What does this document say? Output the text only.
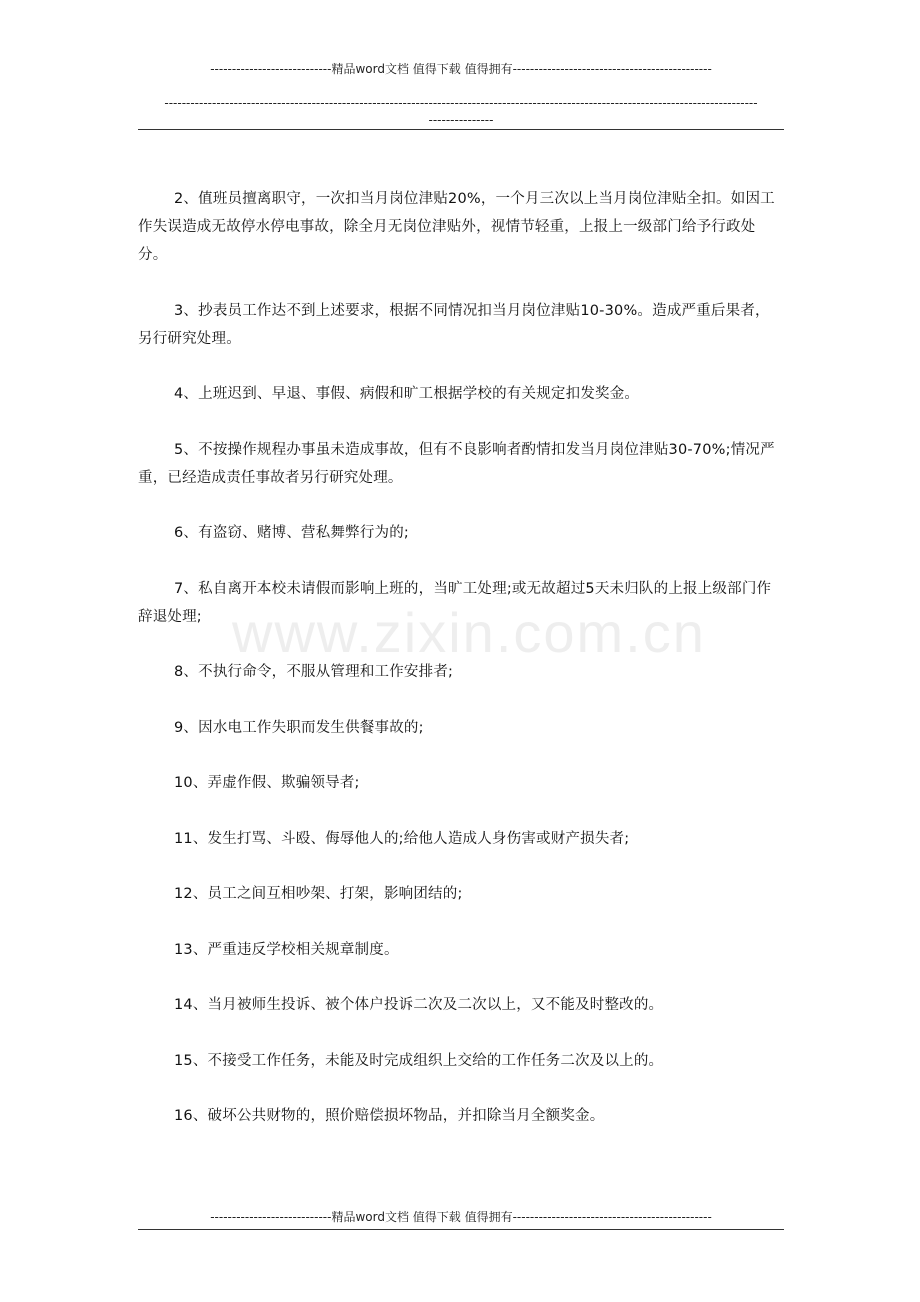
----------------------------精品word文档 值得下载 值得拥有----------------------------------------------
-----------------------------------------------------------------------------------------------------------------------------------------
---------------
www.zixin.com.cn

2、值班员擅离职守，一次扣当月岗位津贴20%，一个月三次以上当月岗位津贴全扣。如因工作失误造成无故停水停电事故，除全月无岗位津贴外，视情节轻重，上报上一级部门给予行政处分。

3、抄表员工作达不到上述要求，根据不同情况扣当月岗位津贴10-30%。造成严重后果者，另行研究处理。

4、上班迟到、早退、事假、病假和旷工根据学校的有关规定扣发奖金。

5、不按操作规程办事虽未造成事故，但有不良影响者酌情扣发当月岗位津贴30-70%;情况严重，已经造成责任事故者另行研究处理。

6、有盗窃、赌博、营私舞弊行为的;

7、私自离开本校未请假而影响上班的，当旷工处理;或无故超过5天未归队的上报上级部门作辞退处理;

8、不执行命令，不服从管理和工作安排者;

9、因水电工作失职而发生供餐事故的;

10、弄虚作假、欺骗领导者;

11、发生打骂、斗殴、侮辱他人的;给他人造成人身伤害或财产损失者;

12、员工之间互相吵架、打架，影响团结的;

13、严重违反学校相关规章制度。

14、当月被师生投诉、被个体户投诉二次及二次以上，又不能及时整改的。

15、不接受工作任务，未能及时完成组织上交给的工作任务二次及以上的。

16、破坏公共财物的，照价赔偿损坏物品，并扣除当月全额奖金。

----------------------------精品word文档 值得下载 值得拥有----------------------------------------------
